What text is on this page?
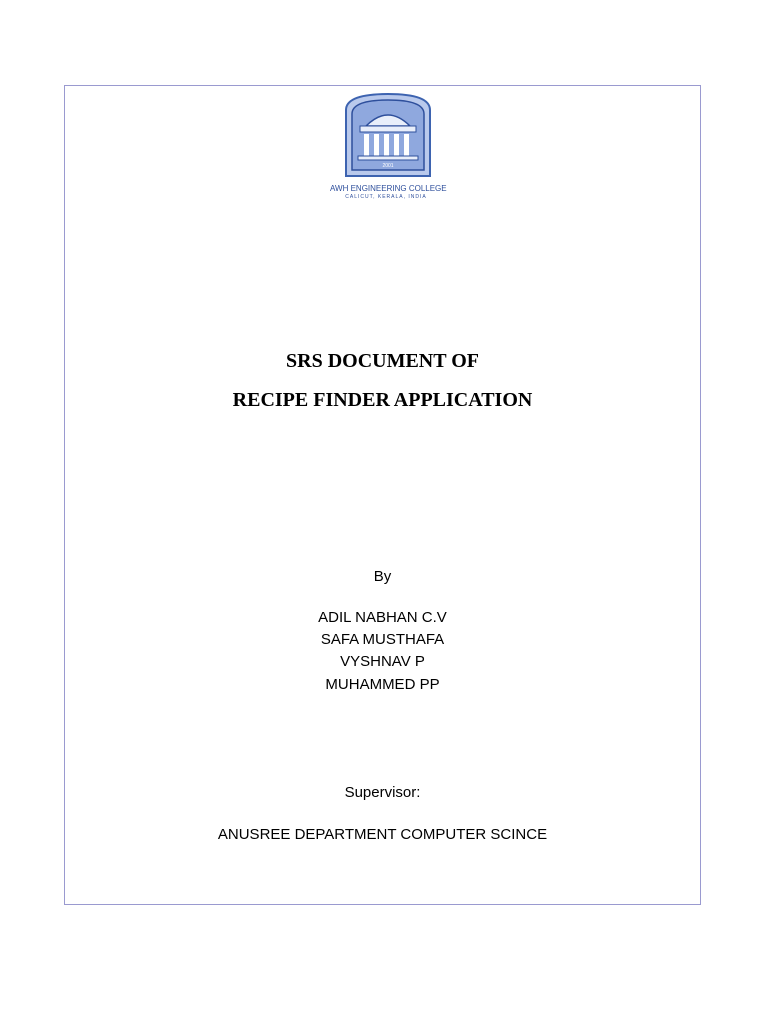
2001
AWH ENGINEERING COLLEGE
CALICUT, KERALA, INDIA
SRS DOCUMENT OF
RECIPE FINDER APPLICATION
By
ADIL NABHAN C.V
SAFA MUSTHAFA
VYSHNAV P
MUHAMMED PP
Supervisor:
ANUSREE DEPARTMENT COMPUTER SCINCE
